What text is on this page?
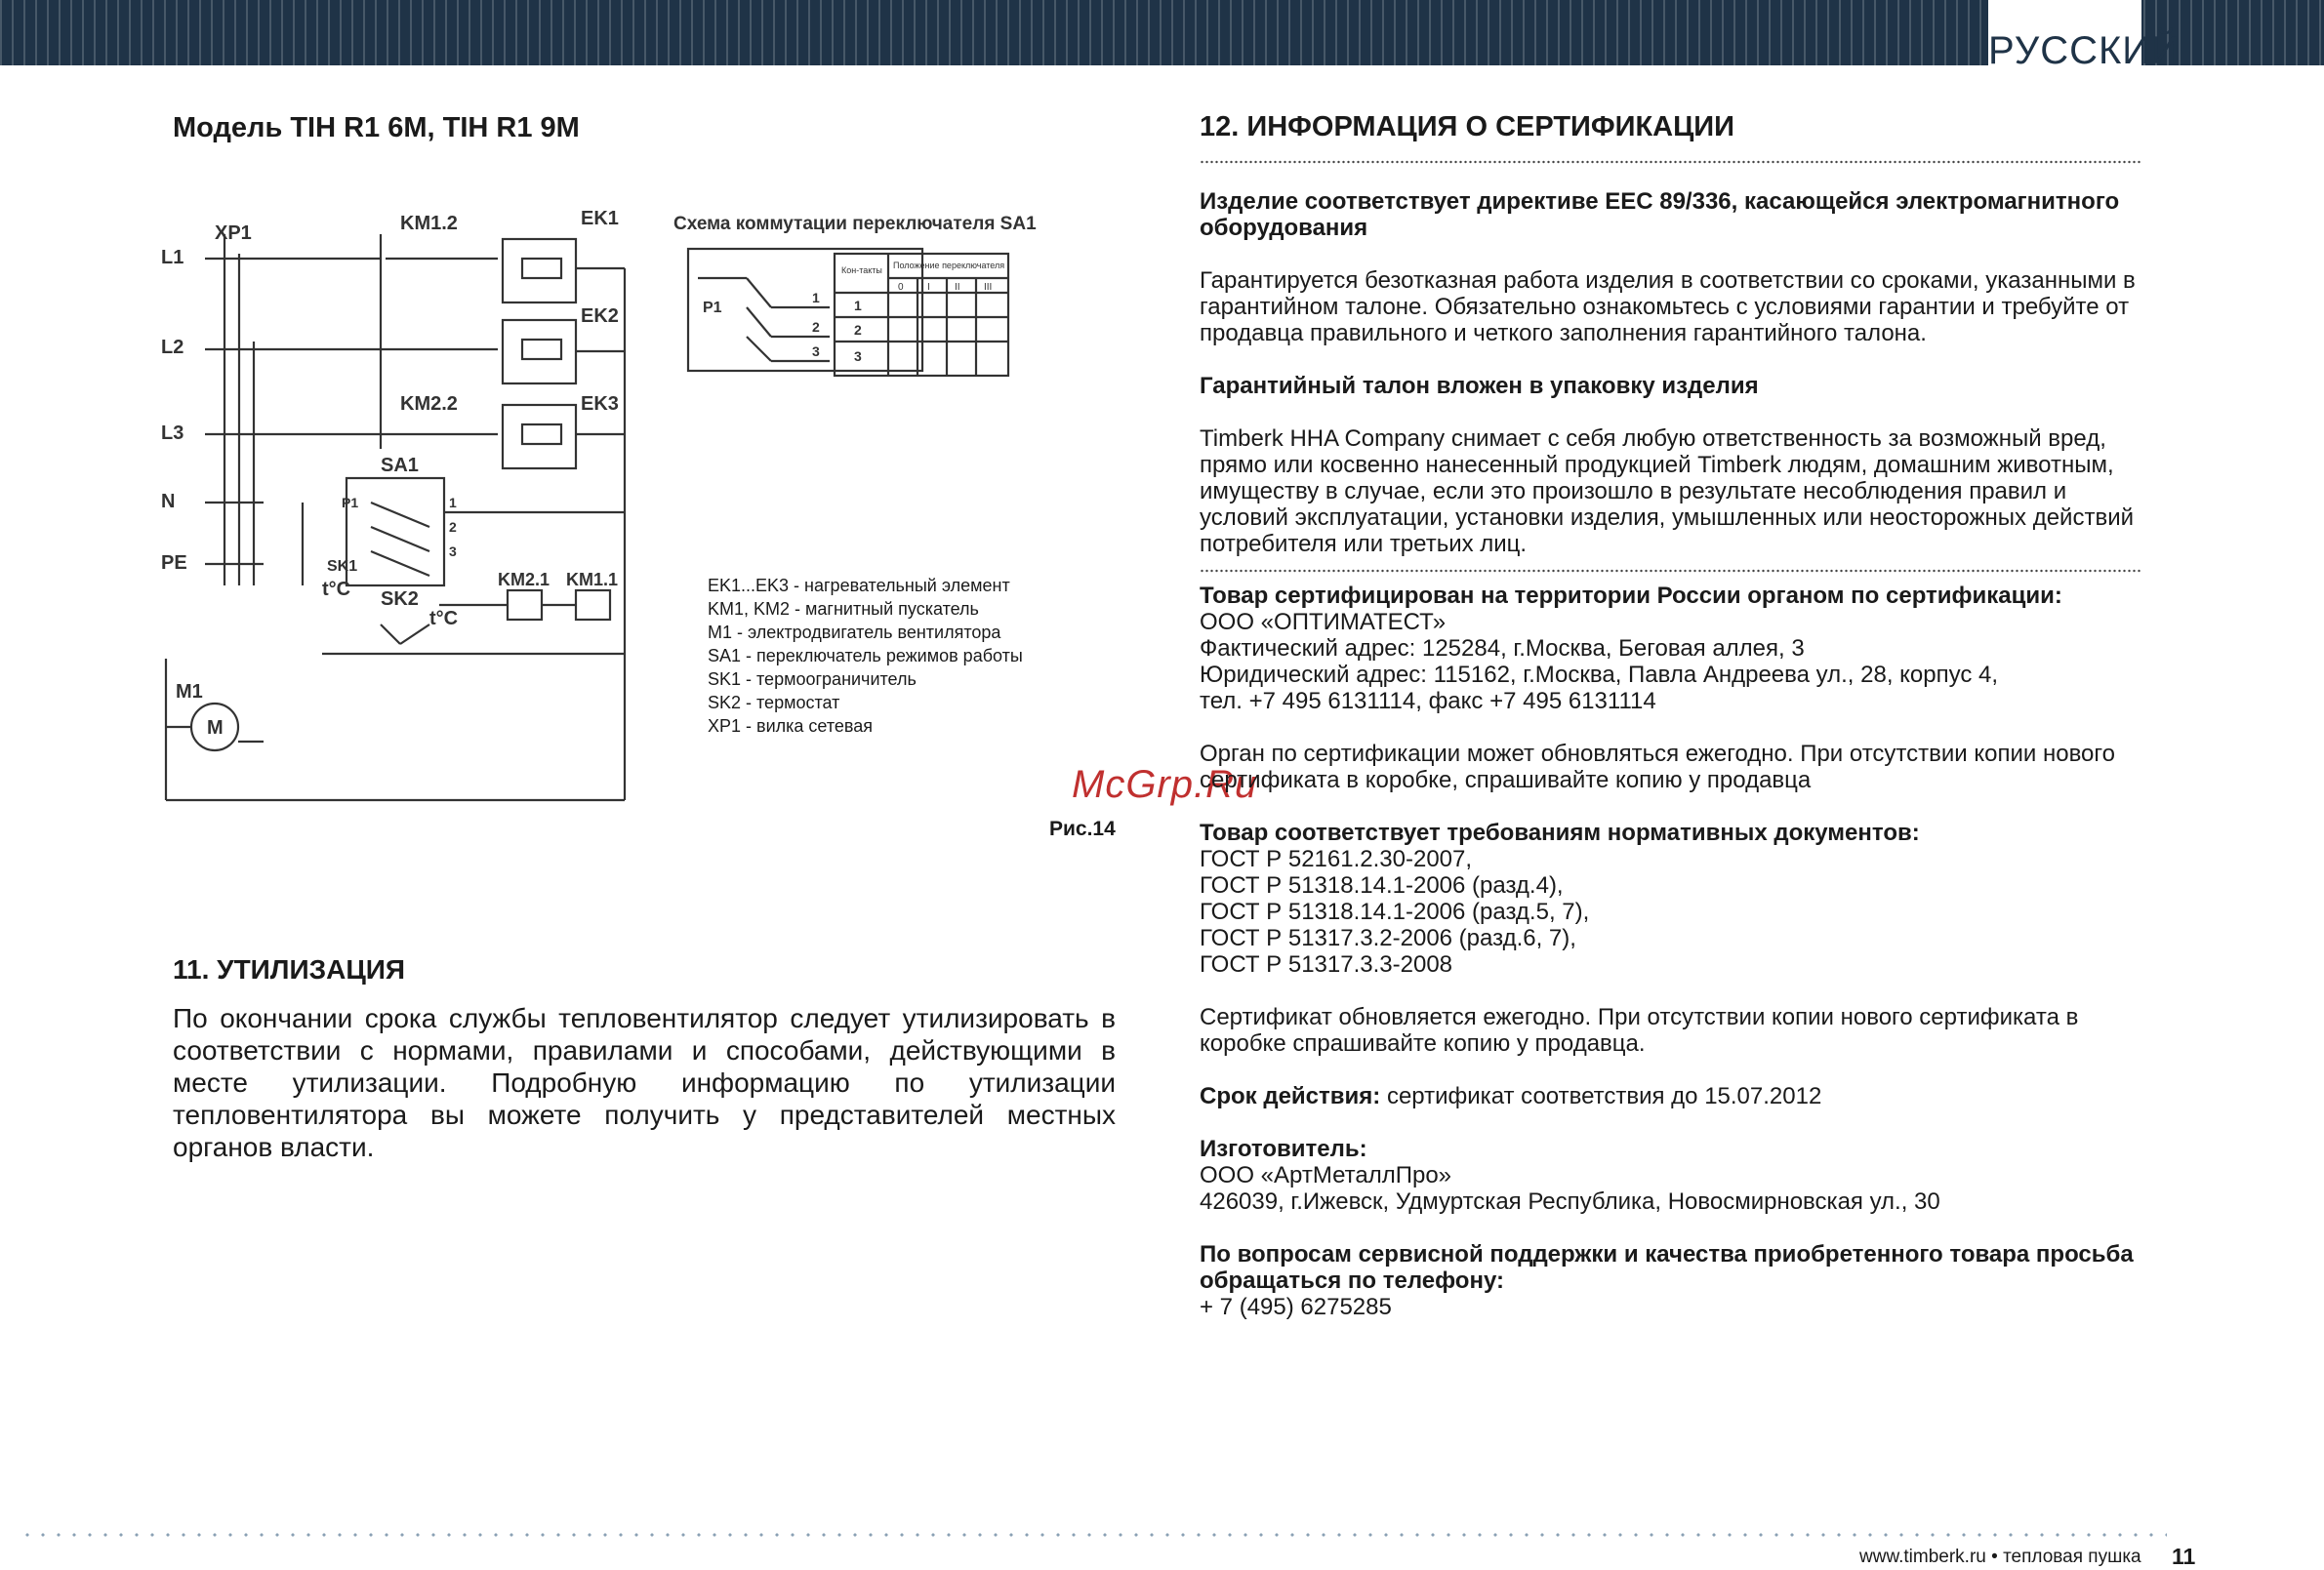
РУССКИЙ
Модель TIH R1 6M, TIH R1 9M
XP1
L1
L2
L3
N
PE
KM1.2
KM2.2
EK1
EK2
EK3
SA1
P1	1
2
3
SK1
t°C SK2
t°C
KM2.1 KM1.1
M1
M
Схема коммутации переключателя SA1
P1
1
2
3
Кон-такты Положение переключателя
0 I	II III
1
2
3
EK1...EK3 - нагревательный элемент
KM1, KM2 - магнитный пускатель
M1 - электродвигатель вентилятора
SA1 - переключатель режимов работы
SK1 - термоограничитель
SK2 - термостат
XP1 - вилка сетевая
McGrp.Ru
Рис.14
11. УТИЛИЗАЦИЯ
По окончании срока службы тепловентилятор следует утилизировать в соответствии с нормами, правилами и способами, действующими в месте утилизации. Подробную информацию по утилизации тепловентилятора вы можете получить у представителей местных органов власти.
12. ИНФОРМАЦИЯ О СЕРТИФИКАЦИИ

Изделие соответствует директиве EEC 89/336, касающейся электромагнитного оборудования

Гарантируется безотказная работа изделия в соответствии со сроками, указанными в гарантийном талоне. Обязательно ознакомьтесь с условиями гарантии и требуйте от продавца правильного и четкого заполнения гарантийного талона.

Гарантийный талон вложен в упаковку изделия

Timberk HHA Company снимает с себя любую ответственность за возможный вред, прямо или косвенно нанесенный продукцией Timberk людям, домашним животным, имуществу в случае, если это произошло в результате несоблюдения правил и условий эксплуатации, установки изделия, умышленных или неосторожных действий потребителя или третьих лиц.

Товар сертифицирован на территории России органом по сертификации:

ООО «ОПТИМАТЕСТ»

Фактический адрес: 125284, г.Москва, Беговая аллея, 3

Юридический адрес: 115162, г.Москва, Павла Андреева ул., 28, корпус 4,

тел. +7 495 6131114, факс +7 495 6131114

Орган по сертификации может обновляться ежегодно. При отсутствии копии нового сертификата в коробке, спрашивайте копию у продавца

Товар соответствует требованиям нормативных документов:

ГОСТ Р 52161.2.30-2007,

ГОСТ Р 51318.14.1-2006 (разд.4),

ГОСТ Р 51318.14.1-2006 (разд.5, 7),

ГОСТ Р 51317.3.2-2006 (разд.6, 7),

ГОСТ Р 51317.3.3-2008

Сертификат обновляется ежегодно. При отсутствии копии нового сертификата в коробке спрашивайте копию у продавца.

Срок действия: сертификат соответствия до 15.07.2012

Изготовитель:

ООО «АртМеталлПро»

426039, г.Ижевск, Удмуртская Республика, Новосмирновская ул., 30

По вопросам сервисной поддержки и качества приобретенного товара просьба обращаться по телефону:

+ 7 (495) 6275285

www.timberk.ru • тепловая пушка 11
